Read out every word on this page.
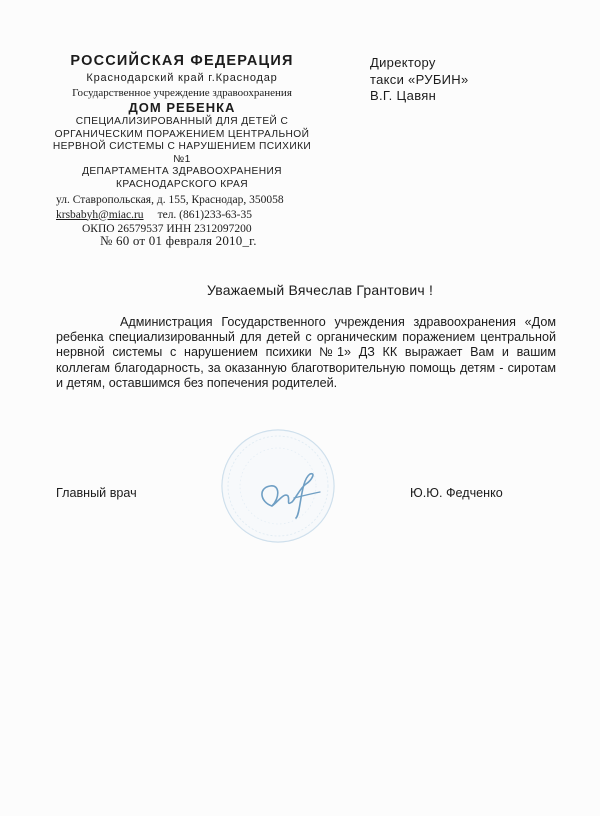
РОССИЙСКАЯ ФЕДЕРАЦИЯ
Краснодарский край г.Краснодар
Государственное учреждение здравоохранения
ДОМ РЕБЕНКА
СПЕЦИАЛИЗИРОВАННЫЙ ДЛЯ ДЕТЕЙ С
ОРГАНИЧЕСКИМ ПОРАЖЕНИЕМ ЦЕНТРАЛЬНОЙ
НЕРВНОЙ СИСТЕМЫ С НАРУШЕНИЕМ ПСИХИКИ №1
ДЕПАРТАМЕНТА ЗДРАВООХРАНЕНИЯ
КРАСНОДАРСКОГО КРАЯ
ул. Ставропольская, д. 155, Краснодар, 350058
krsbabyh@miac.ru тел. (861)233-63-35
ОКПО 26579537 ИНН 2312097200
№ 60 от 01 февраля 2010_г.
Директору
такси «РУБИН»
В.Г. Цавян
Уважаемый Вячеслав Грантович !

Администрация Государственного учреждения здравоохранения «Дом ребенка специализированный для детей с органическим поражением центральной нервной системы с нарушением психики №1» ДЗ КК выражает Вам и вашим коллегам благодарность, за оказанную благотворительную помощь детям - сиротам и детям, оставшимся без попечения родителей.

Главный врач	Ю.Ю. Федченко
